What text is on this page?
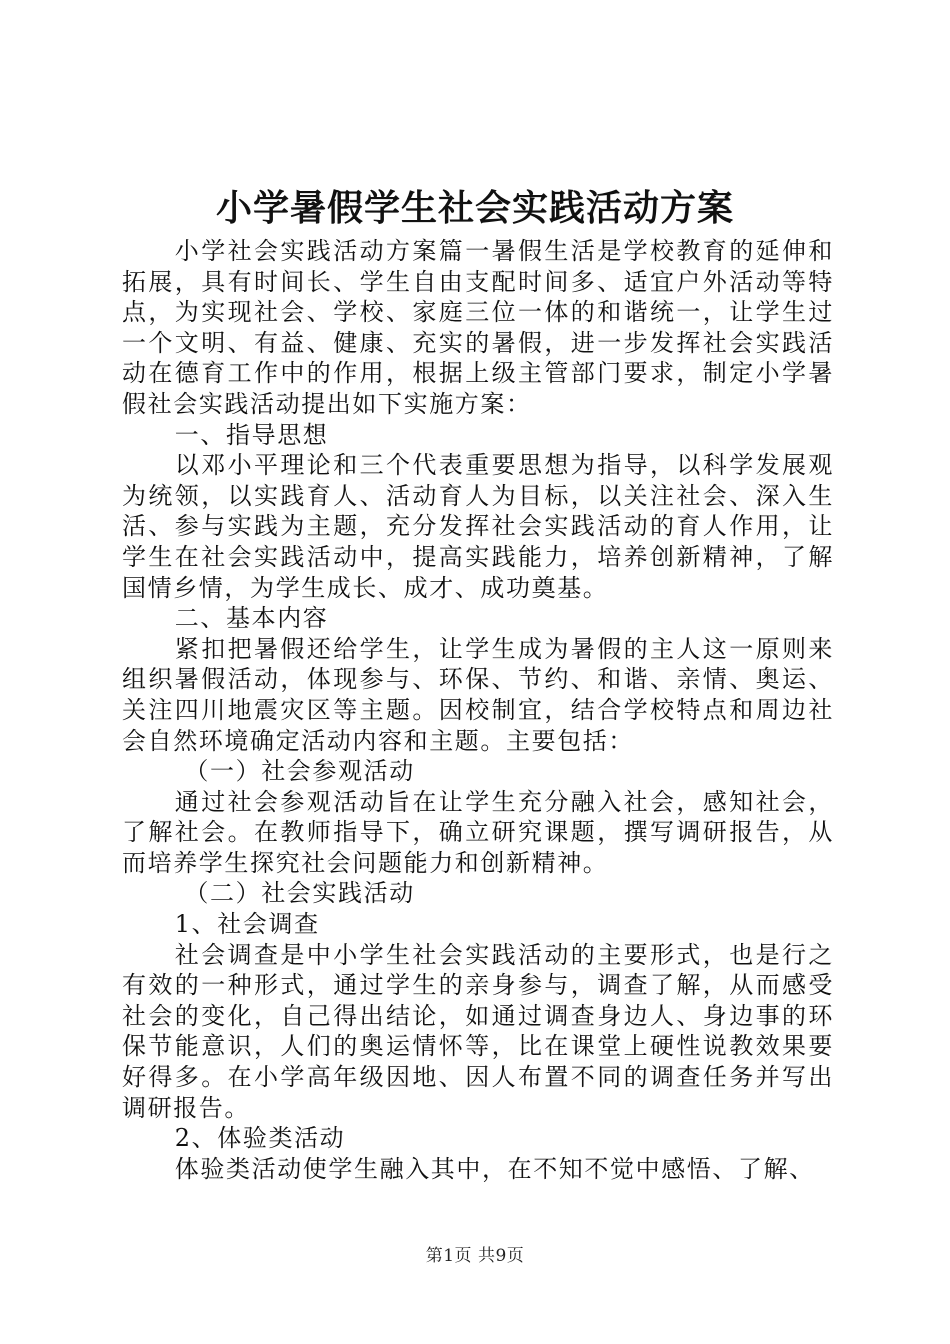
小学暑假学生社会实践活动方案

小学社会实践活动方案篇一暑假生活是学校教育的延伸和拓展，具有时间长、学生自由支配时间多、适宜户外活动等特点，为实现社会、学校、家庭三位一体的和谐统一，让学生过一个文明、有益、健康、充实的暑假，进一步发挥社会实践活动在德育工作中的作用，根据上级主管部门要求，制定小学暑假社会实践活动提出如下实施方案：

一、指导思想

以邓小平理论和三个代表重要思想为指导，以科学发展观为统领，以实践育人、活动育人为目标，以关注社会、深入生活、参与实践为主题，充分发挥社会实践活动的育人作用，让学生在社会实践活动中，提高实践能力，培养创新精神，了解国情乡情，为学生成长、成才、成功奠基。

二、基本内容

紧扣把暑假还给学生，让学生成为暑假的主人这一原则来组织暑假活动，体现参与、环保、节约、和谐、亲情、奥运、关注四川地震灾区等主题。因校制宜，结合学校特点和周边社会自然环境确定活动内容和主题。主要包括：

（一）社会参观活动

通过社会参观活动旨在让学生充分融入社会，感知社会，了解社会。在教师指导下，确立研究课题，撰写调研报告，从而培养学生探究社会问题能力和创新精神。

（二）社会实践活动

1、社会调查

社会调查是中小学生社会实践活动的主要形式，也是行之有效的一种形式，通过学生的亲身参与，调查了解，从而感受社会的变化，自己得出结论，如通过调查身边人、身边事的环保节能意识，人们的奥运情怀等，比在课堂上硬性说教效果要好得多。在小学高年级因地、因人布置不同的调查任务并写出调研报告。

2、体验类活动

体验类活动使学生融入其中，在不知不觉中感悟、了解、

第1页 共9页
